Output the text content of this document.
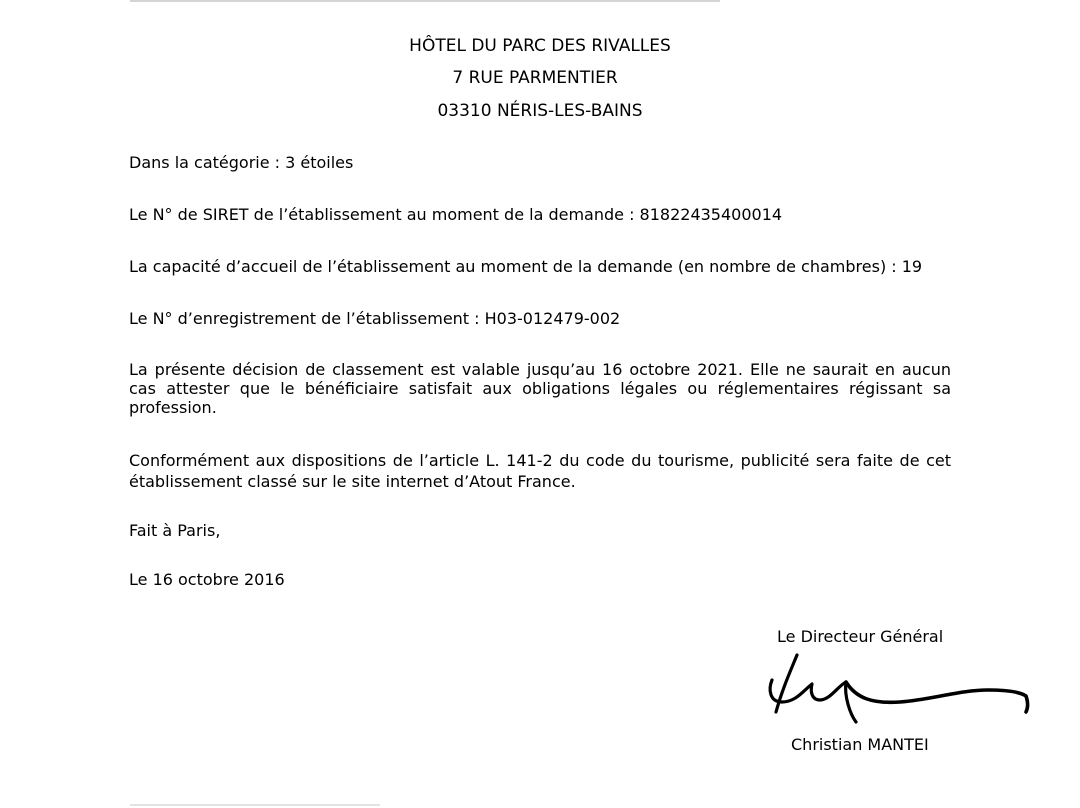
HÔTEL DU PARC DES RIVALLES
7 RUE PARMENTIER
03310 NÉRIS-LES-BAINS
Dans la catégorie : 3 étoiles
Le N° de SIRET de l’établissement au moment de la demande : 81822435400014
La capacité d’accueil de l’établissement au moment de la demande (en nombre de chambres) : 19
Le N° d’enregistrement de l’établissement : H03-012479-002
La présente décision de classement est valable jusqu’au 16 octobre 2021. Elle ne saurait en aucun cas attester que le bénéficiaire satisfait aux obligations légales ou réglementaires régissant sa profession.
Conformément aux dispositions de l’article L. 141-2 du code du tourisme, publicité sera faite de cet établissement classé sur le site internet d’Atout France.
Fait à Paris,
Le 16 octobre 2016
Le Directeur Général
Christian MANTEI
